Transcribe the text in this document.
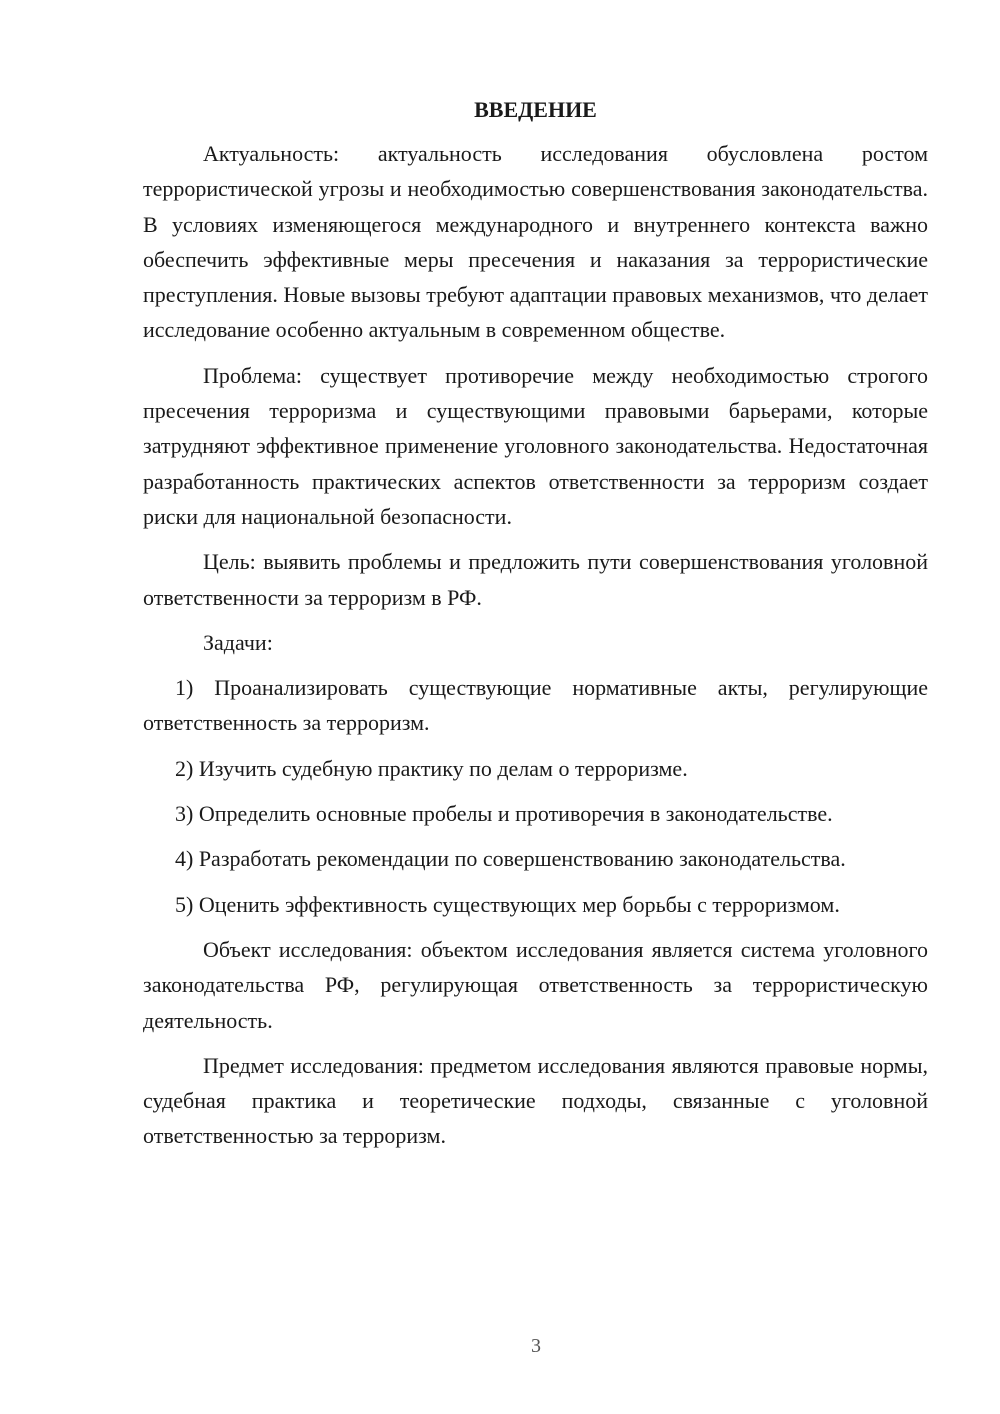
ВВЕДЕНИЕ

Актуальность: актуальность исследования обусловлена ростом террористической угрозы и необходимостью совершенствования законодательства. В условиях изменяющегося международного и внутреннего контекста важно обеспечить эффективные меры пресечения и наказания за террористические преступления. Новые вызовы требуют адаптации правовых механизмов, что делает исследование особенно актуальным в современном обществе.

Проблема: существует противоречие между необходимостью строгого пресечения терроризма и существующими правовыми барьерами, которые затрудняют эффективное применение уголовного законодательства. Недостаточная разработанность практических аспектов ответственности за терроризм создает риски для национальной безопасности.

Цель: выявить проблемы и предложить пути совершенствования уголовной ответственности за терроризм в РФ.

Задачи:

1) Проанализировать существующие нормативные акты, регулирующие ответственность за терроризм.

2) Изучить судебную практику по делам о терроризме.

3) Определить основные пробелы и противоречия в законодательстве.

4) Разработать рекомендации по совершенствованию законодательства.

5) Оценить эффективность существующих мер борьбы с терроризмом.

Объект исследования: объектом исследования является система уголовного законодательства РФ, регулирующая ответственность за террористическую деятельность.

Предмет исследования: предметом исследования являются правовые нормы, судебная практика и теоретические подходы, связанные с уголовной ответственностью за терроризм.

3
